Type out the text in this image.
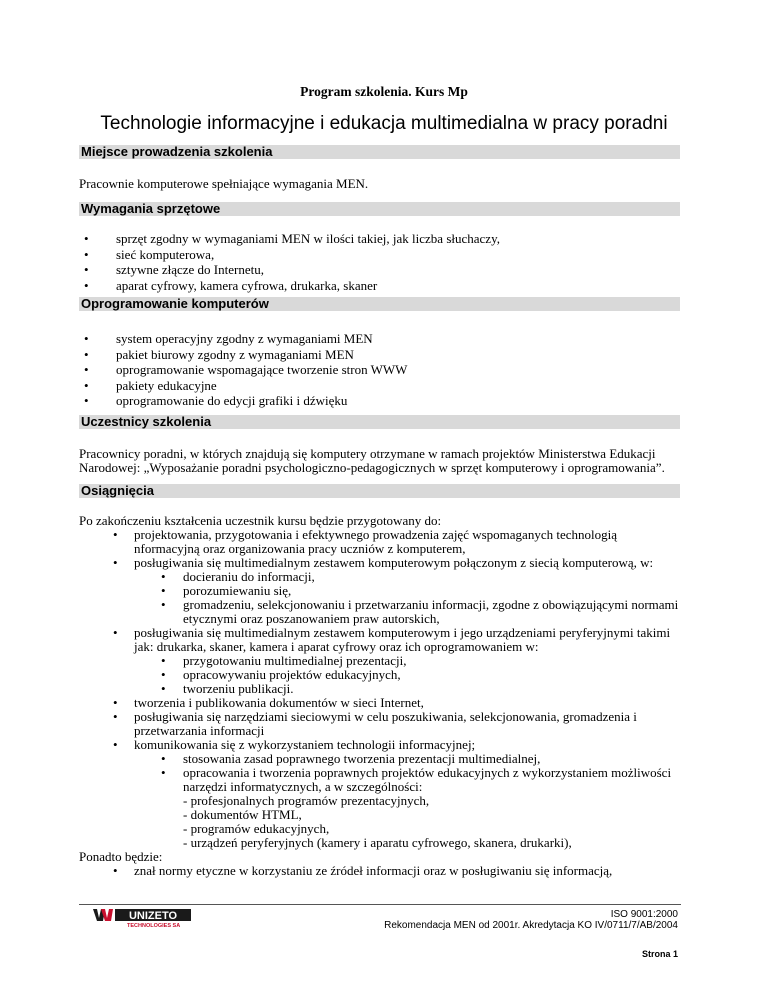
Program szkolenia. Kurs Mp
Technologie informacyjne i edukacja multimedialna w pracy poradni
Miejsce prowadzenia szkolenia
Pracownie komputerowe spełniające wymagania MEN.
Wymagania sprzętowe
• sprzęt zgodny w wymaganiami MEN w ilości takiej, jak liczba słuchaczy,
• sieć komputerowa,
• sztywne złącze do Internetu,
• aparat cyfrowy, kamera cyfrowa, drukarka, skaner
Oprogramowanie komputerów
• system operacyjny zgodny z wymaganiami MEN
• pakiet biurowy zgodny z wymaganiami MEN
• oprogramowanie wspomagające tworzenie stron WWW
• pakiety edukacyjne
• oprogramowanie do edycji grafiki i dźwięku
Uczestnicy szkolenia
Pracownicy poradni, w których znajdują się komputery otrzymane w ramach projektów Ministerstwa Edukacji
Narodowej: „Wyposażanie poradni psychologiczno-pedagogicznych w sprzęt komputerowy i oprogramowania”.
Osiągnięcia
Po zakończeniu kształcenia uczestnik kursu będzie przygotowany do:
• projektowania, przygotowania i efektywnego prowadzenia zajęć wspomaganych technologią
nformacyjną oraz organizowania pracy uczniów z komputerem,
• posługiwania się multimedialnym zestawem komputerowym połączonym z siecią komputerową, w:
• docieraniu do informacji,
• porozumiewaniu się,
• gromadzeniu, selekcjonowaniu i przetwarzaniu informacji, zgodne z obowiązującymi normami
etycznymi oraz poszanowaniem praw autorskich,
• posługiwania się multimedialnym zestawem komputerowym i jego urządzeniami peryferyjnymi takimi
jak: drukarka, skaner, kamera i aparat cyfrowy oraz ich oprogramowaniem w:
• przygotowaniu multimedialnej prezentacji,
• opracowywaniu projektów edukacyjnych,
• tworzeniu publikacji.
• tworzenia i publikowania dokumentów w sieci Internet,
• posługiwania się narzędziami sieciowymi w celu poszukiwania, selekcjonowania, gromadzenia i
przetwarzania informacji
• komunikowania się z wykorzystaniem technologii informacyjnej;
• stosowania zasad poprawnego tworzenia prezentacji multimedialnej,
• opracowania i tworzenia poprawnych projektów edukacyjnych z wykorzystaniem możliwości
narzędzi informatycznych, a w szczególności:
- profesjonalnych programów prezentacyjnych,
- dokumentów HTML,
- programów edukacyjnych,
- urządzeń peryferyjnych (kamery i aparatu cyfrowego, skanera, drukarki),
Ponadto będzie:
• znał normy etyczne w korzystaniu ze źródeł informacji oraz w posługiwaniu się informacją,
UNIZETO
TECHNOLOGIES SA
ISO 9001:2000
Rekomendacja MEN od 2001r. Akredytacja KO IV/0711/7/AB/2004
Strona 1
